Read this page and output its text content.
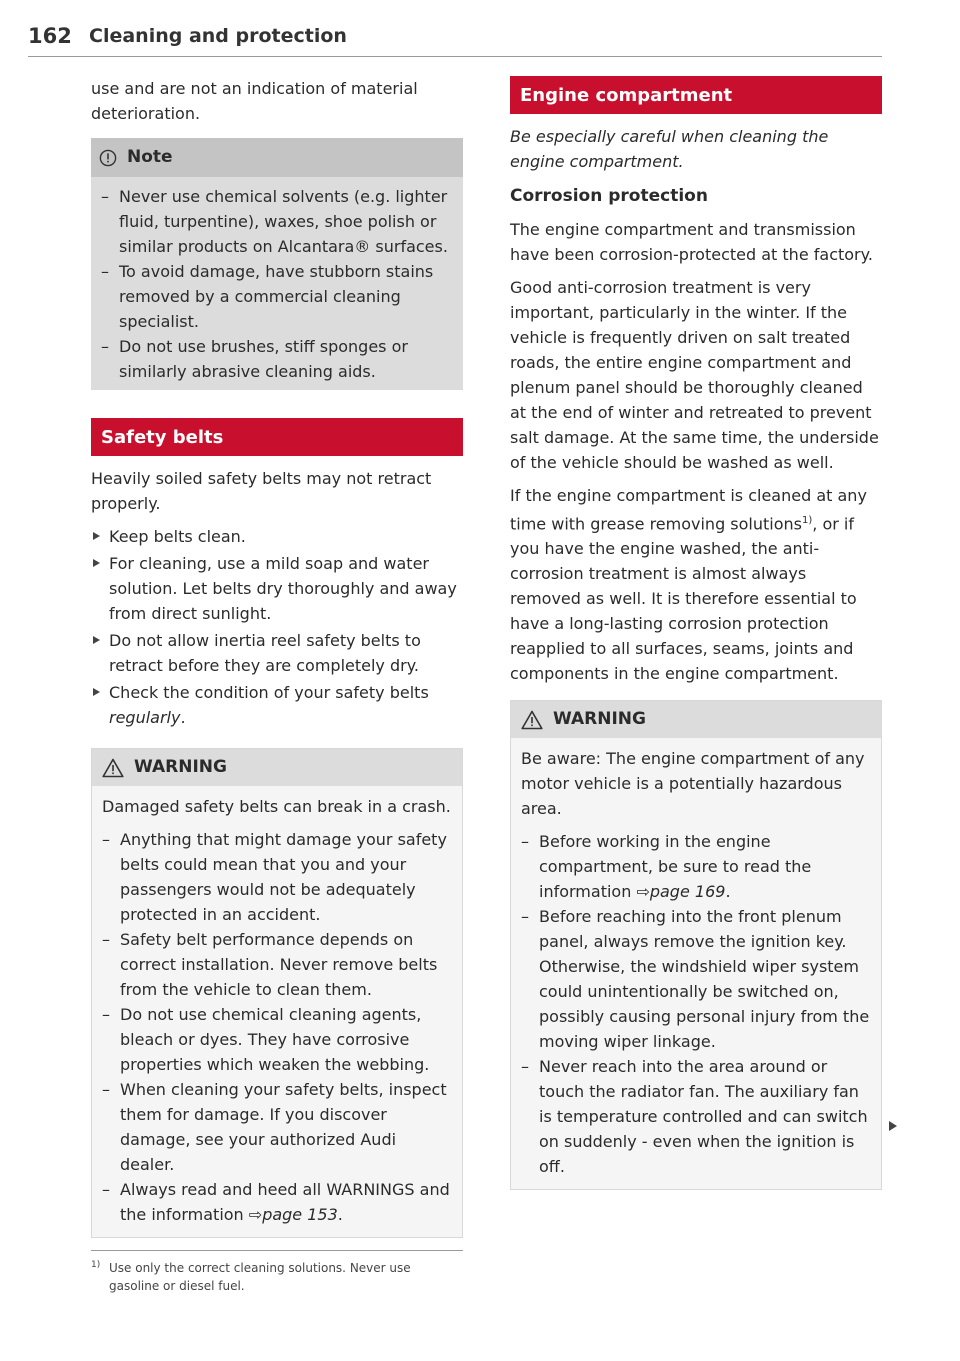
162 Cleaning and protection

use and are not an indication of material deterioration.

Note

– Never use chemical solvents (e.g. lighter fluid, turpentine), waxes, shoe polish or similar products on Alcantara® surfaces.

– To avoid damage, have stubborn stains removed by a commercial cleaning specialist.

– Do not use brushes, stiff sponges or similarly abrasive cleaning aids.

Safety belts

Heavily soiled safety belts may not retract properly.

Keep belts clean.
For cleaning, use a mild soap and water solution. Let belts dry thoroughly and away from direct sunlight.
Do not allow inertia reel safety belts to retract before they are completely dry.
Check the condition of your safety belts regularly.
WARNING

Damaged safety belts can break in a crash.

– Anything that might damage your safety belts could mean that you and your passengers would not be adequately protected in an accident.

– Safety belt performance depends on correct installation. Never remove belts from the vehicle to clean them.

– Do not use chemical cleaning agents, bleach or dyes. They have corrosive properties which weaken the webbing.

– When cleaning your safety belts, inspect them for damage. If you discover damage, see your authorized Audi dealer.

– Always read and heed all WARNINGS and the information ⇨page 153.

Engine compartment

Be especially careful when cleaning the engine compartment.

Corrosion protection

The engine compartment and transmission have been corrosion-protected at the factory.

Good anti-corrosion treatment is very important, particularly in the winter. If the vehicle is frequently driven on salt treated roads, the entire engine compartment and plenum panel should be thoroughly cleaned at the end of winter and retreated to prevent salt damage. At the same time, the underside of the vehicle should be washed as well.

If the engine compartment is cleaned at any time with grease removing solutions$^{1)}$, or if you have the engine washed, the anti-corrosion treatment is almost always removed as well. It is therefore essential to have a long-lasting corrosion protection reapplied to all surfaces, seams, joints and components in the engine compartment.

WARNING

Be aware: The engine compartment of any motor vehicle is a potentially hazardous area.

– Before working in the engine compartment, be sure to read the information ⇨page 169.

– Before reaching into the front plenum panel, always remove the ignition key. Otherwise, the windshield wiper system could unintentionally be switched on, possibly causing personal injury from the moving wiper linkage.

– Never reach into the area around or touch the radiator fan. The auxiliary fan is temperature controlled and can switch on suddenly - even when the ignition is off.

1) Use only the correct cleaning solutions. Never use gasoline or diesel fuel.
